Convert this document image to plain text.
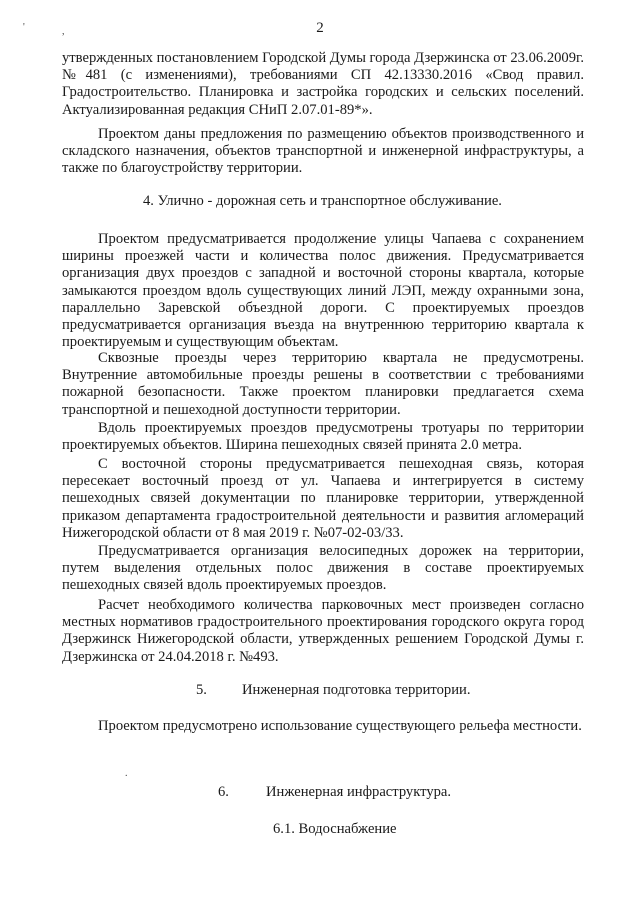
'	,	2
утвержденных постановлением Городской Думы города Дзержинска от 23.06.2009г. №481 (с изменениями), требованиями СП 42.13330.2016 «Свод правил. Градостроительство. Планировка и застройка городских и сельских поселений. Актуализированная редакция СНиП 2.07.01-89*».
Проектом даны предложения по размещению объектов производственного и складского назначения, объектов транспортной и инженерной инфраструктуры, а также по благоустройству территории.
4. Улично - дорожная сеть и транспортное обслуживание.
Проектом предусматривается продолжение улицы Чапаева с сохранением ширины проезжей части и количества полос движения. Предусматривается организация двух проездов с западной и восточной стороны квартала, которые замыкаются проездом вдоль существующих линий ЛЭП, между охранными зона, параллельно Заревской объездной дороги. С проектируемых проездов предусматривается организация въезда на внутреннюю территорию квартала к проектируемым и существующим объектам.
Сквозные проезды через территорию квартала не предусмотрены. Внутренние автомобильные проезды решены в соответствии с требованиями пожарной безопасности. Также проектом планировки предлагается схема транспортной и пешеходной доступности территории.
Вдоль проектируемых проездов предусмотрены тротуары по территории проектируемых объектов. Ширина пешеходных связей принята 2.0 метра.
С восточной стороны предусматривается пешеходная связь, которая пересекает восточный проезд от ул. Чапаева и интегрируется в систему пешеходных связей документации по планировке территории, утвержденной приказом департамента градостроительной деятельности и развития агломераций Нижегородской области от 8 мая 2019 г. №07-02-03/33.
Предусматривается организация велосипедных дорожек на территории, путем выделения отдельных полос движения в составе проектируемых пешеходных связей вдоль проектируемых проездов.
Расчет необходимого количества парковочных мест произведен согласно местных нормативов градостроительного проектирования городского округа город Дзержинск Нижегородской области, утвержденных решением Городской Думы г. Дзержинска от 24.04.2018 г. №493.
5. Инженерная подготовка территории.
Проектом предусмотрено использование существующего рельефа местности.
.
6.	Инженерная инфраструктура.
6.1. Водоснабжение
